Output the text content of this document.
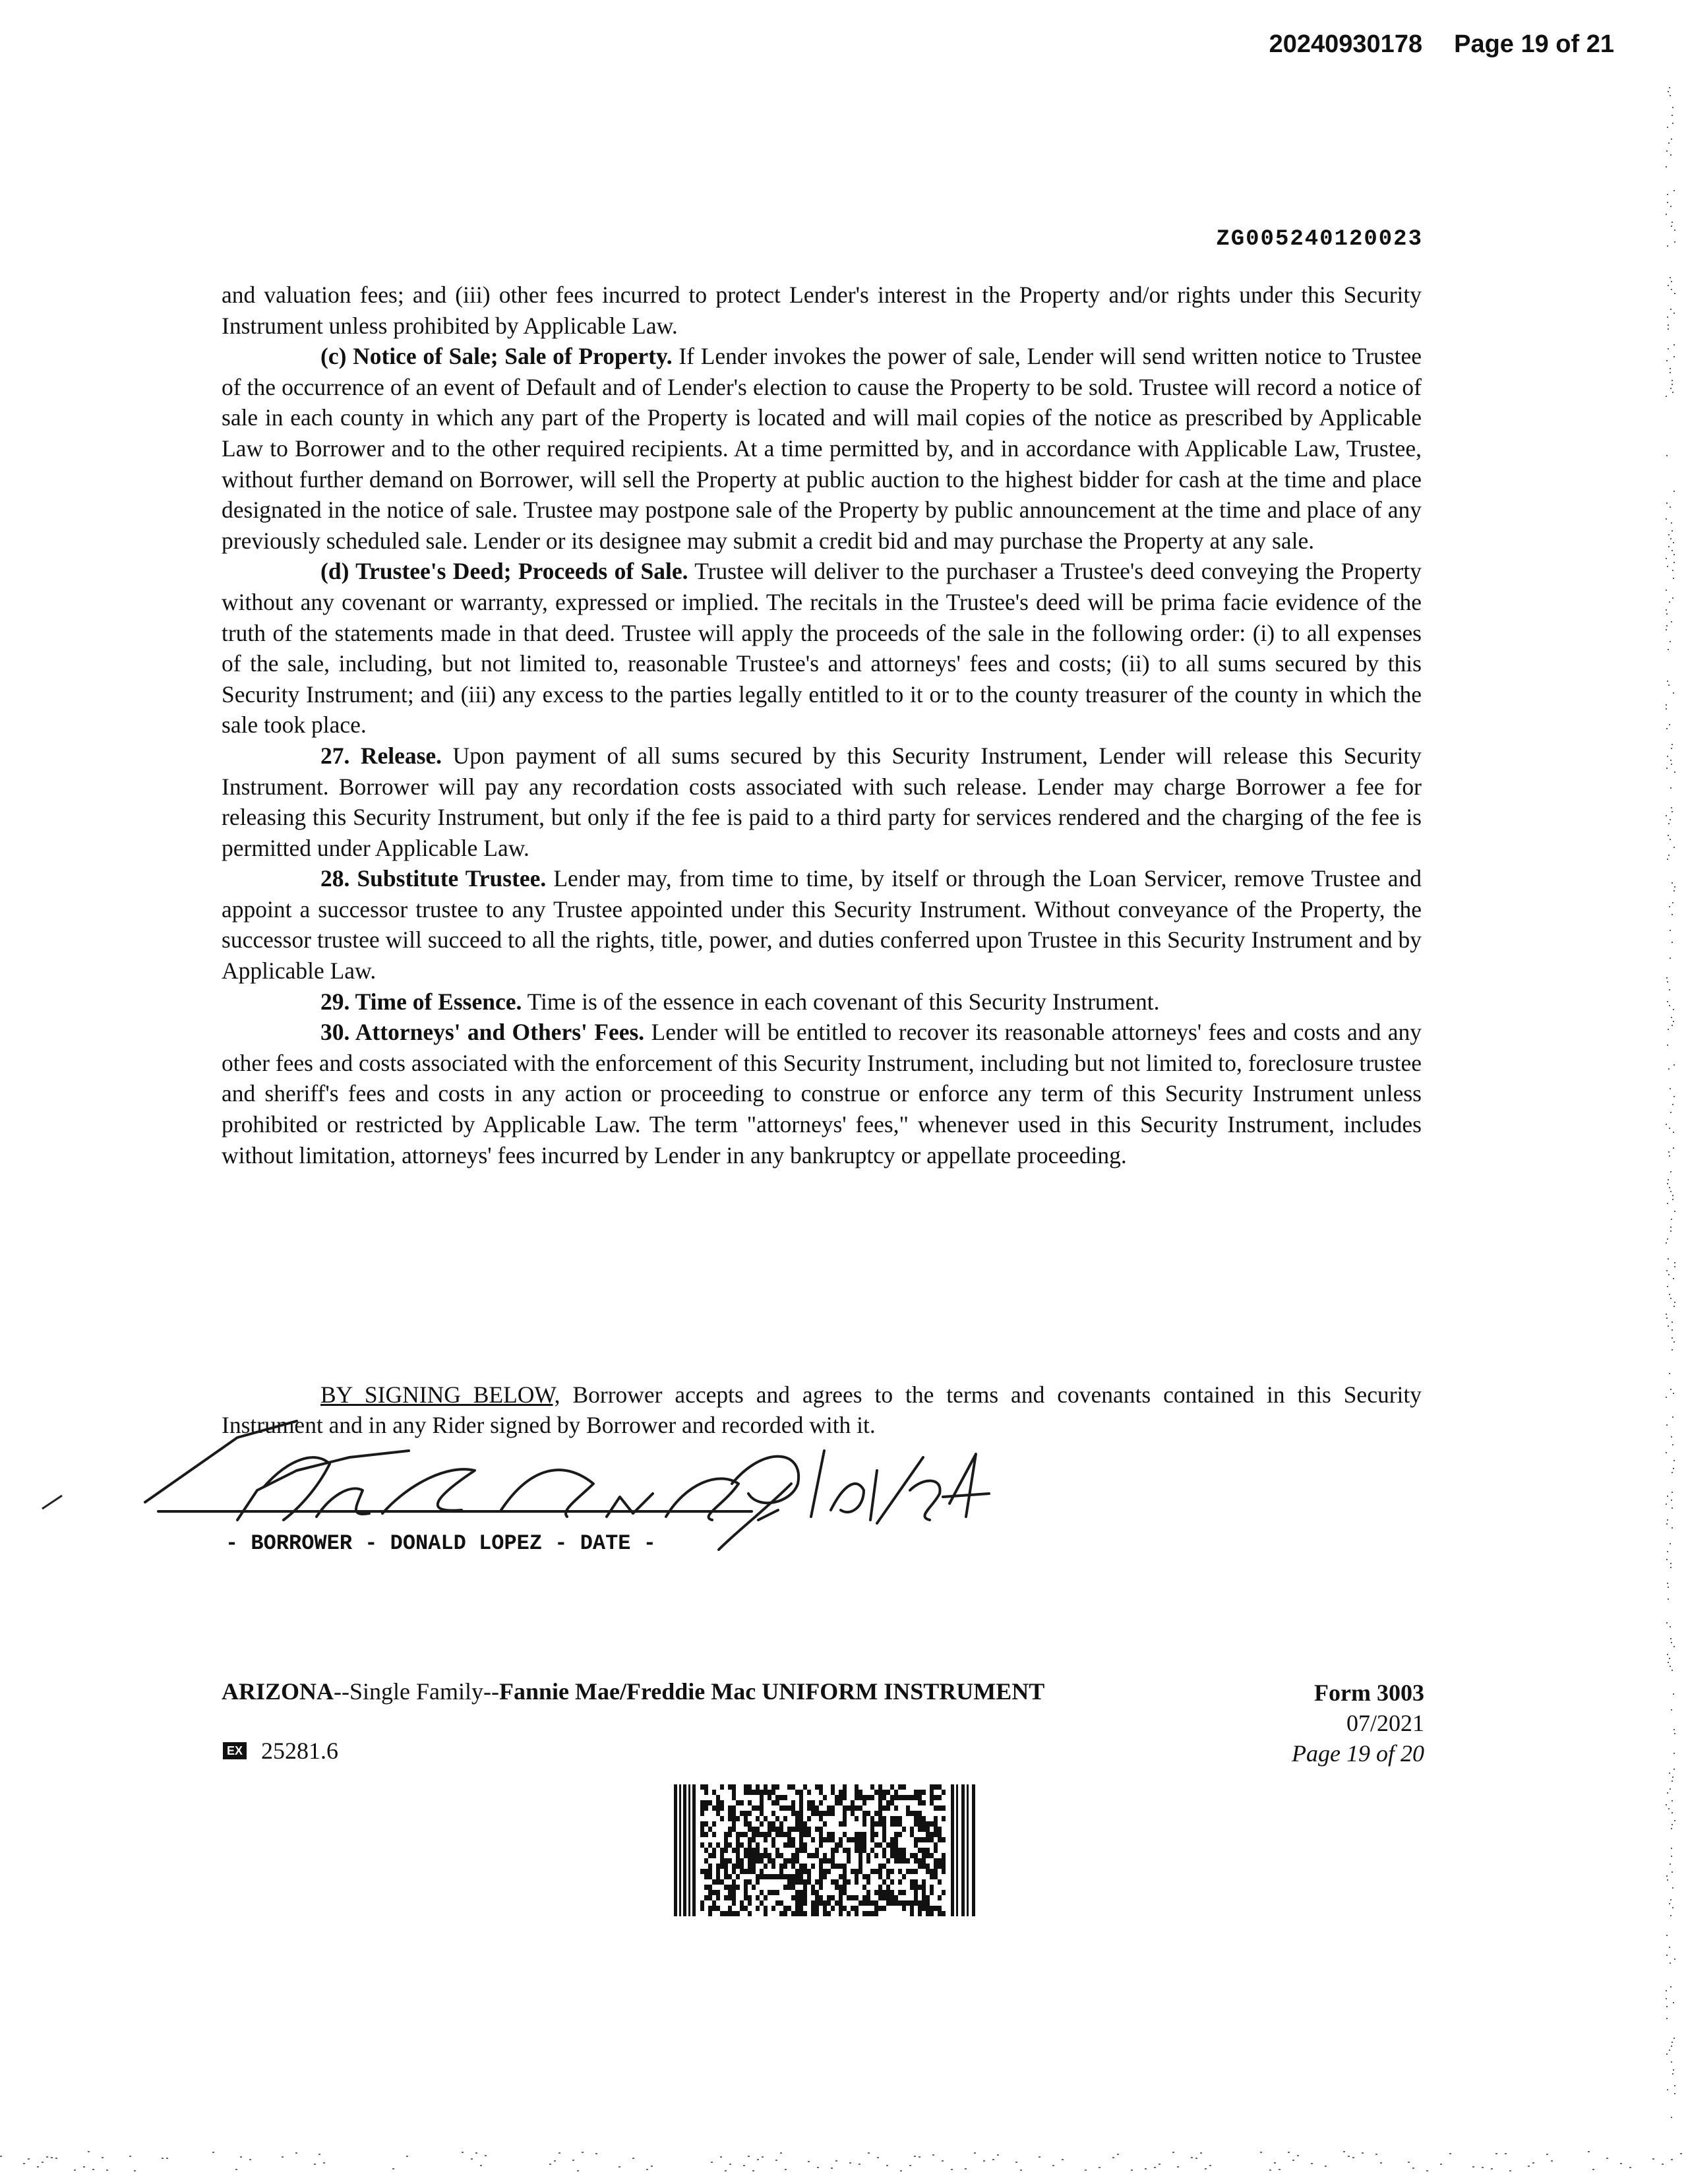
20240930178 Page 19 of 21
ZG005240120023

and valuation fees; and (iii) other fees incurred to protect Lender's interest in the Property and/or rights under this Security Instrument unless prohibited by Applicable Law.

(c) Notice of Sale; Sale of Property. If Lender invokes the power of sale, Lender will send written notice to Trustee of the occurrence of an event of Default and of Lender's election to cause the Property to be sold. Trustee will record a notice of sale in each county in which any part of the Property is located and will mail copies of the notice as prescribed by Applicable Law to Borrower and to the other required recipients. At a time permitted by, and in accordance with Applicable Law, Trustee, without further demand on Borrower, will sell the Property at public auction to the highest bidder for cash at the time and place designated in the notice of sale. Trustee may postpone sale of the Property by public announcement at the time and place of any previously scheduled sale. Lender or its designee may submit a credit bid and may purchase the Property at any sale.

(d) Trustee's Deed; Proceeds of Sale. Trustee will deliver to the purchaser a Trustee's deed conveying the Property without any covenant or warranty, expressed or implied. The recitals in the Trustee's deed will be prima facie evidence of the truth of the statements made in that deed. Trustee will apply the proceeds of the sale in the following order: (i) to all expenses of the sale, including, but not limited to, reasonable Trustee's and attorneys' fees and costs; (ii) to all sums secured by this Security Instrument; and (iii) any excess to the parties legally entitled to it or to the county treasurer of the county in which the sale took place.

27. Release. Upon payment of all sums secured by this Security Instrument, Lender will release this Security Instrument. Borrower will pay any recordation costs associated with such release. Lender may charge Borrower a fee for releasing this Security Instrument, but only if the fee is paid to a third party for services rendered and the charging of the fee is permitted under Applicable Law.

28. Substitute Trustee. Lender may, from time to time, by itself or through the Loan Servicer, remove Trustee and appoint a successor trustee to any Trustee appointed under this Security Instrument. Without conveyance of the Property, the successor trustee will succeed to all the rights, title, power, and duties conferred upon Trustee in this Security Instrument and by Applicable Law.

29. Time of Essence. Time is of the essence in each covenant of this Security Instrument.

30. Attorneys' and Others' Fees. Lender will be entitled to recover its reasonable attorneys' fees and costs and any other fees and costs associated with the enforcement of this Security Instrument, including but not limited to, foreclosure trustee and sheriff's fees and costs in any action or proceeding to construe or enforce any term of this Security Instrument unless prohibited or restricted by Applicable Law. The term "attorneys' fees," whenever used in this Security Instrument, includes without limitation, attorneys' fees incurred by Lender in any bankruptcy or appellate proceeding.

BY SIGNING BELOW, Borrower accepts and agrees to the terms and covenants contained in this Security Instrument and in any Rider signed by Borrower and recorded with it.
- BORROWER - DONALD LOPEZ - DATE -
ARIZONA--Single Family--Fannie Mae/Freddie Mac UNIFORM INSTRUMENT	Form 3003
07/2021
Page 19 of 20
EX 25281.6
